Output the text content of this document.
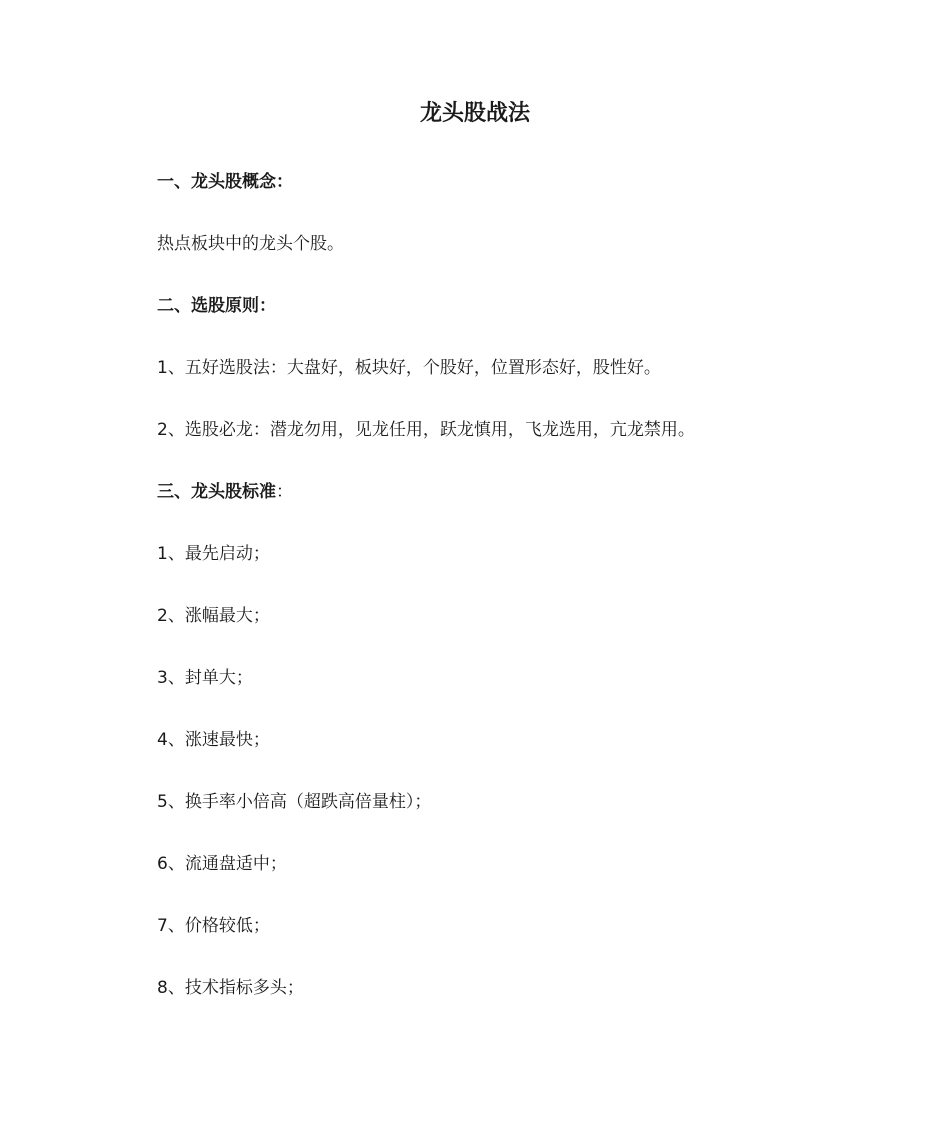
龙头股战法

一、龙头股概念：

热点板块中的龙头个股。

二、选股原则：

1、五好选股法：大盘好，板块好，个股好，位置形态好，股性好。

2、选股必龙：潜龙勿用，见龙任用，跃龙慎用，飞龙选用，亢龙禁用。

三、龙头股标准：

1、最先启动；

2、涨幅最大；

3、封单大；

4、涨速最快；

5、换手率小倍高（超跌高倍量柱）；

6、流通盘适中；

7、价格较低；

8、技术指标多头；
